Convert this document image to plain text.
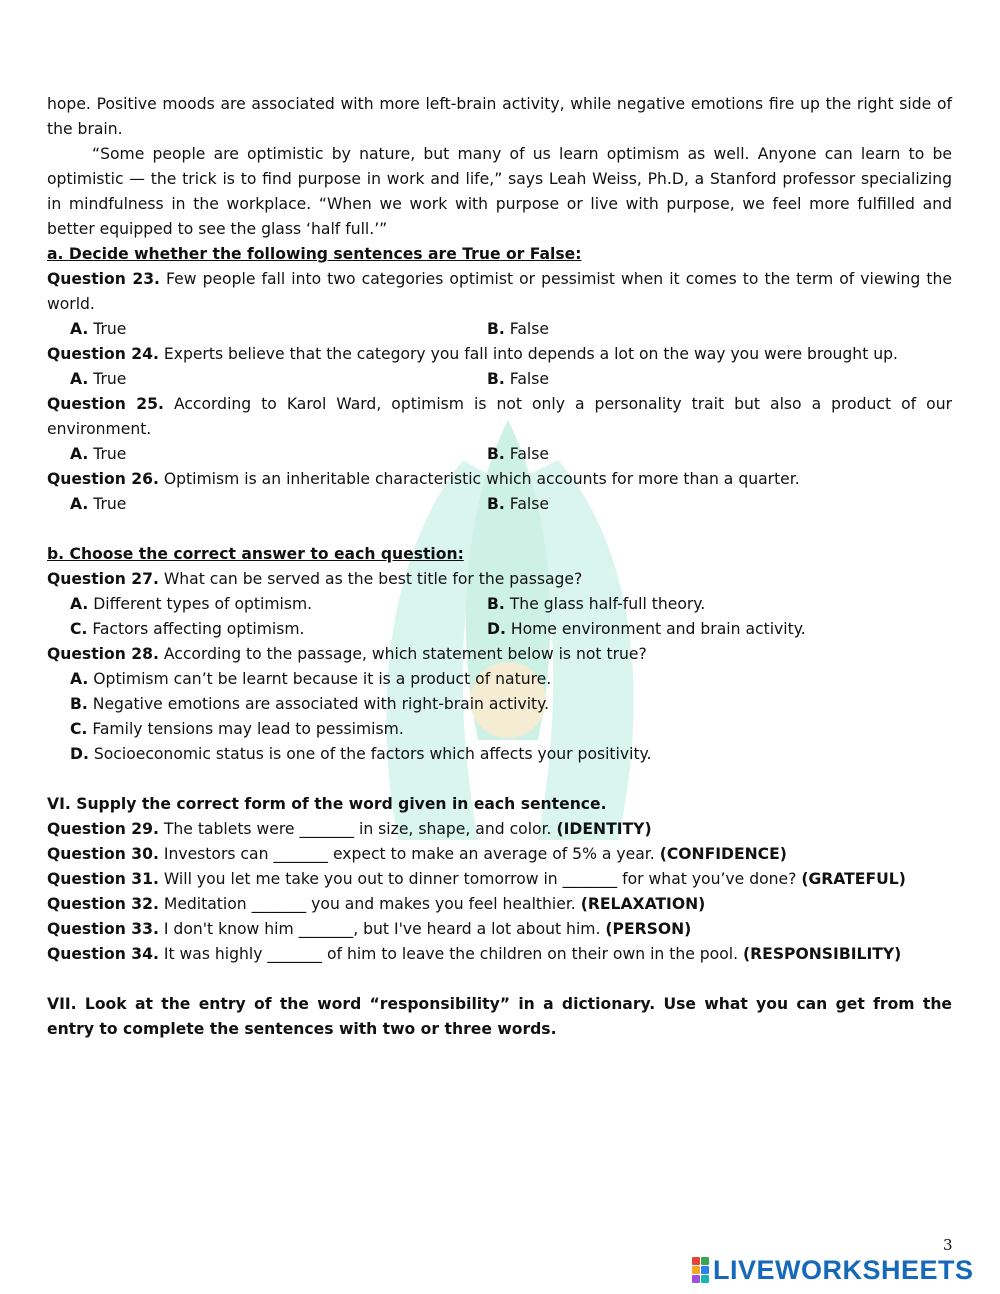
hope. Positive moods are associated with more left-brain activity, while negative emotions fire up the right side of the brain.

“Some people are optimistic by nature, but many of us learn optimism as well. Anyone can learn to be optimistic — the trick is to find purpose in work and life,” says Leah Weiss, Ph.D, a Stanford professor specializing in mindfulness in the workplace. “When we work with purpose or live with purpose, we feel more fulfilled and better equipped to see the glass ‘half full.’”

a. Decide whether the following sentences are True or False:

Question 23. Few people fall into two categories optimist or pessimist when it comes to the term of viewing the world.

A. True	B. False

Question 24. Experts believe that the category you fall into depends a lot on the way you were brought up.

A. True	B. False

Question 25. According to Karol Ward, optimism is not only a personality trait but also a product of our environment.

A. True	B. False

Question 26. Optimism is an inheritable characteristic which accounts for more than a quarter.

A. True	B. False

b. Choose the correct answer to each question:

Question 27. What can be served as the best title for the passage?

A. Different types of optimism.	B. The glass half-full theory.
C. Factors affecting optimism.	D. Home environment and brain activity.

Question 28. According to the passage, which statement below is not true?

A. Optimism can’t be learnt because it is a product of nature.
B. Negative emotions are associated with right-brain activity.
C. Family tensions may lead to pessimism.
D. Socioeconomic status is one of the factors which affects your positivity.

VI. Supply the correct form of the word given in each sentence.

Question 29. The tablets were _______ in size, shape, and color. (IDENTITY)

Question 30. Investors can _______ expect to make an average of 5% a year. (CONFIDENCE)

Question 31. Will you let me take you out to dinner tomorrow in _______ for what you’ve done? (GRATEFUL)

Question 32. Meditation _______ you and makes you feel healthier. (RELAXATION)

Question 33. I don't know him _______, but I've heard a lot about him. (PERSON)

Question 34. It was highly _______ of him to leave the children on their own in the pool. (RESPONSIBILITY)

VII. Look at the entry of the word “responsibility” in a dictionary. Use what you can get from the entry to complete the sentences with two or three words.

3
LIVEWORKSHEETS
